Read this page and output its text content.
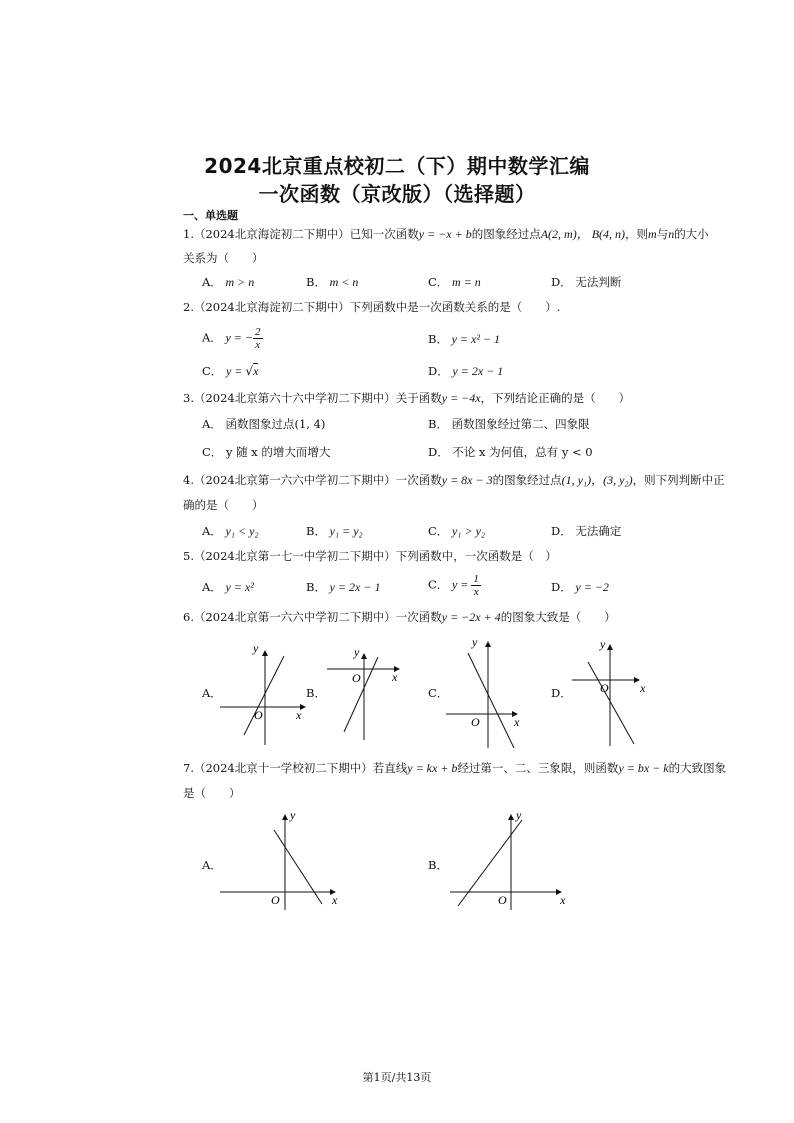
2024北京重点校初二（下）期中数学汇编
一次函数（京改版）（选择题）
一、单选题
1.（2024北京海淀初二下期中）已知一次函数y = −x + b的图象经过点A(2, m)， B(4, n)，则m与n的大小
关系为（　　）
A． m > n	B． m < n	C． m = n	D． 无法判断
2.（2024北京海淀初二下期中）下列函数中是一次函数关系的是（　　）.
A． y = − $\frac{2}{x}$	B． y = x² − 1
C． y = √x	D． y = 2x − 1
3.（2024北京第六十六中学初二下期中）关于函数y = −4x，下列结论正确的是（　　）
A． 函数图象过点(1, 4)	B． 函数图象经过第二、四象限
C． y 随 x 的增大而增大	D． 不论 x 为何值，总有 y < 0
4.（2024北京第一六六中学初二下期中）一次函数y = 8x − 3的图象经过点(1, y₁)，(3, y₂)，则下列判断中正
确的是（　　）
A． y₁ < y₂	B． y₁ = y₂	C． y₁ > y₂	D． 无法确定
5.（2024北京第一七一中学初二下期中）下列函数中，一次函数是（　）
A． y = x²	B． y = 2x − 1	C． $y = \frac{1}{x}$	D． y = −2
6.（2024北京第一六六中学初二下期中）一次函数y = −2x + 4的图象大致是（　　）
A．
y
x
O
B．
y
x
O
C．
y
x
O
D．
y
x
O
7.（2024北京十一学校初二下期中）若直线y = kx + b经过第一、二、三象限，则函数y = bx − k的大致图象
是（　　）
A．
y
x
O
B．
y
x
O
第1页/共13页
